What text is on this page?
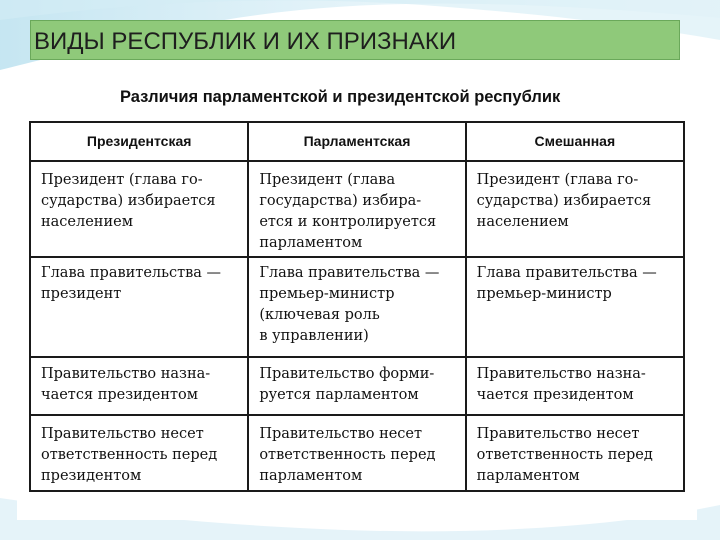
ВИДЫ РЕСПУБЛИК И ИХ ПРИЗНАКИ
Различия парламентской и президентской республик
Президентская	Парламентская	Смешанная

Президент (глава го-
сударства) избирается
населением	Президент (глава
государства) избира-
ется и контролируется
парламентом	Президент (глава го-
сударства) избирается
населением

Глава правительства —
президент	Глава правительства —
премьер-министр
(ключевая роль
в управлении)	Глава правительства —
премьер-министр

Правительство назна-
чается президентом	Правительство форми-
руется парламентом	Правительство назна-
чается президентом

Правительство несет
ответственность перед
президентом	Правительство несет
ответственность перед
парламентом	Правительство несет
ответственность перед
парламентом
